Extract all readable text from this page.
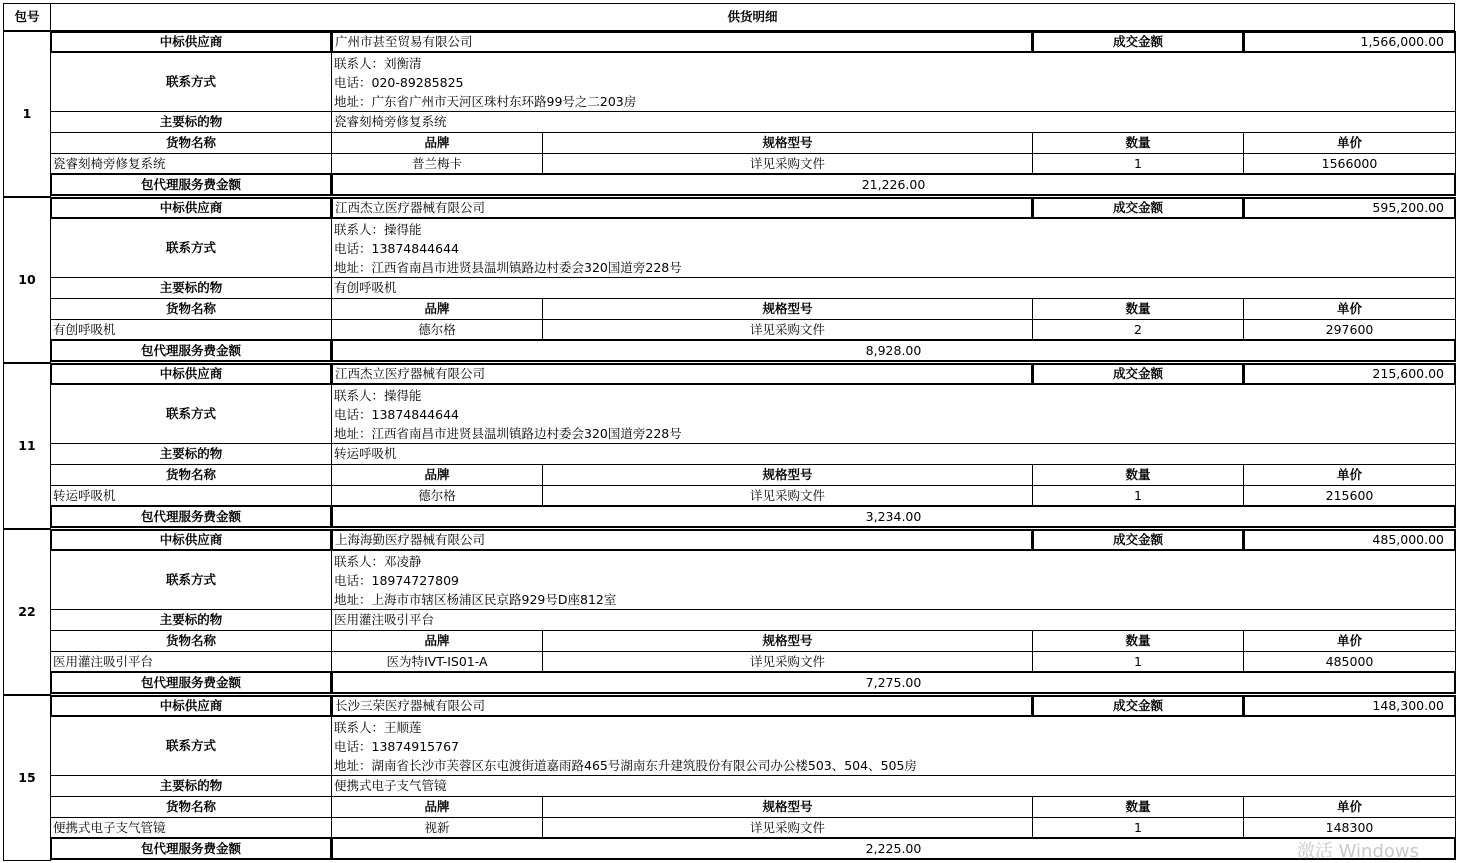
包号	供货明细
1
中标供应商	广州市甚至贸易有限公司	成交金额	1,566,000.00
联系方式
联系人：刘衡清
电话：020-89285825
地址：广东省广州市天河区珠村东环路99号之二203房
主要标的物	瓷睿刻椅旁修复系统
货物名称	品牌	规格型号	数量	单价
瓷睿刻椅旁修复系统	普兰梅卡	详见采购文件	1	1566000
包代理服务费金额	21,226.00
10
中标供应商	江西杰立医疗器械有限公司	成交金额	595,200.00
联系方式
联系人：操得能
电话：13874844644
地址：江西省南昌市进贤县温圳镇路边村委会320国道旁228号
主要标的物	有创呼吸机
货物名称	品牌	规格型号	数量	单价
有创呼吸机	德尔格	详见采购文件	2	297600
包代理服务费金额	8,928.00
11
中标供应商	江西杰立医疗器械有限公司	成交金额	215,600.00
联系方式
联系人：操得能
电话：13874844644
地址：江西省南昌市进贤县温圳镇路边村委会320国道旁228号
主要标的物	转运呼吸机
货物名称	品牌	规格型号	数量	单价
转运呼吸机	德尔格	详见采购文件	1	215600
包代理服务费金额	3,234.00
22
中标供应商	上海海勤医疗器械有限公司	成交金额	485,000.00
联系方式
联系人：邓凌静
电话：18974727809
地址：上海市市辖区杨浦区民京路929号D座812室
主要标的物	医用灌注吸引平台
货物名称	品牌	规格型号	数量	单价
医用灌注吸引平台	医为特IVT-IS01-A	详见采购文件	1	485000
包代理服务费金额	7,275.00
15
中标供应商	长沙三荣医疗器械有限公司	成交金额	148,300.00
联系方式
联系人：王顺莲
电话：13874915767
地址：湖南省长沙市芙蓉区东屯渡街道嘉雨路465号湖南东升建筑股份有限公司办公楼503、504、505房
主要标的物	便携式电子支气管镜
货物名称	品牌	规格型号	数量	单价
便携式电子支气管镜	视新	详见采购文件	1	148300
包代理服务费金额	2,225.00	激活 Windows
